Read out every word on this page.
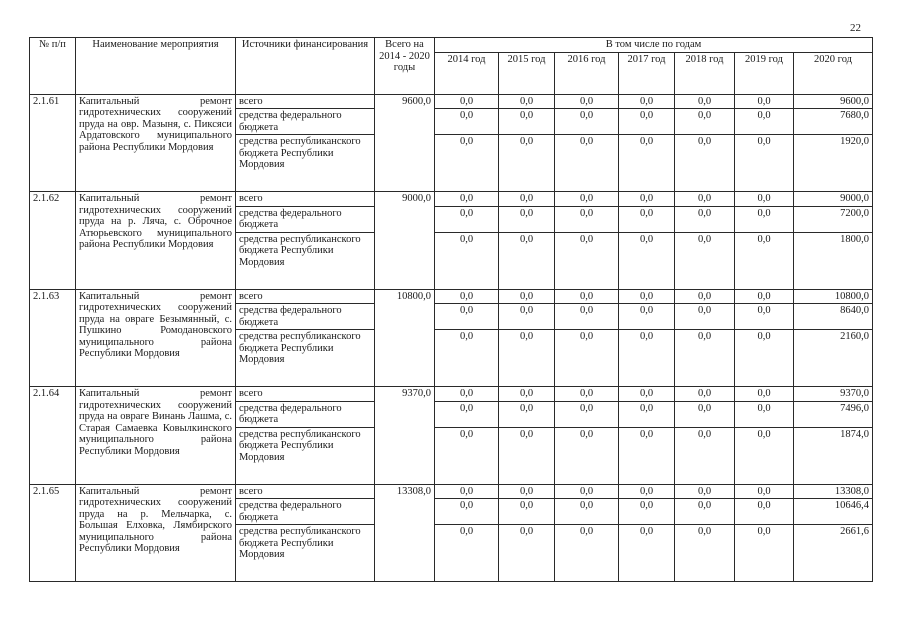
22
№ п/п	Наименование мероприятия	Источники финансирования	Всего на 2014 - 2020 годы	В том числе по годам						
				2014 год	2015 год	2016 год	2017 год	2018 год	2019 год	2020 год
2.1.61	Капитальный ремонт гидротехнических сооружений пруда на овр. Мазыня, с. Пиксяси Ардатовского муниципального района Республики Мордовия	всего	9600,0	0,0	0,0	0,0	0,0	0,0	0,0	9600,0
		средства федерального бюджета		0,0	0,0	0,0	0,0	0,0	0,0	7680,0
		средства республиканского бюджета Республики Мордовия		0,0	0,0	0,0	0,0	0,0	0,0	1920,0
2.1.62	Капитальный ремонт гидротехнических сооружений пруда на р. Ляча, с. Оброчное Атюрьевского муниципального района Республики Мордовия	всего	9000,0	0,0	0,0	0,0	0,0	0,0	0,0	9000,0
		средства федерального бюджета		0,0	0,0	0,0	0,0	0,0	0,0	7200,0
		средства республиканского бюджета Республики Мордовия		0,0	0,0	0,0	0,0	0,0	0,0	1800,0
2.1.63	Капитальный ремонт гидротехнических сооружений пруда на овраге Безымянный, с. Пушкино Ромодановского муниципального района Республики Мордовия	всего	10800,0	0,0	0,0	0,0	0,0	0,0	0,0	10800,0
		средства федерального бюджета		0,0	0,0	0,0	0,0	0,0	0,0	8640,0
		средства республиканского бюджета Республики Мордовия		0,0	0,0	0,0	0,0	0,0	0,0	2160,0
2.1.64	Капитальный ремонт гидротехнических сооружений пруда на овраге Винань Лашма, с. Старая Самаевка Ковылкинского муниципального района Республики Мордовия	всего	9370,0	0,0	0,0	0,0	0,0	0,0	0,0	9370,0
		средства федерального бюджета		0,0	0,0	0,0	0,0	0,0	0,0	7496,0
		средства республиканского бюджета Республики Мордовия		0,0	0,0	0,0	0,0	0,0	0,0	1874,0
2.1.65	Капитальный ремонт гидротехнических сооружений пруда на р. Мельчарка, с. Большая Елховка, Лямбирского муниципального района Республики Мордовия	всего	13308,0	0,0	0,0	0,0	0,0	0,0	0,0	13308,0
		средства федерального бюджета		0,0	0,0	0,0	0,0	0,0	0,0	10646,4
		средства республиканского бюджета Республики Мордовия		0,0	0,0	0,0	0,0	0,0	0,0	2661,6
